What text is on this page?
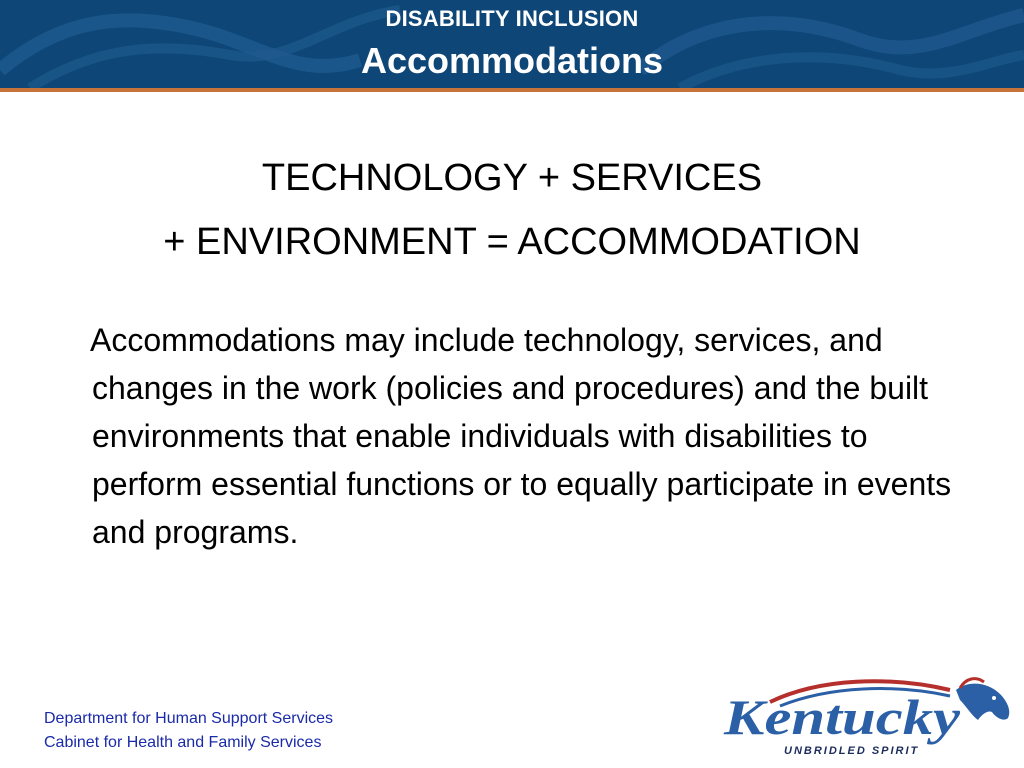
DISABILITY INCLUSION
Accommodations
TECHNOLOGY + SERVICES
+ ENVIRONMENT = ACCOMMODATION
Accommodations may include technology, services, and changes in the work (policies and procedures) and the built environments that enable individuals with disabilities to perform essential functions or to equally participate in events and programs.
Department for Human Support Services
Cabinet for Health and Family Services	Kentucky
UNBRIDLED SPIRIT
